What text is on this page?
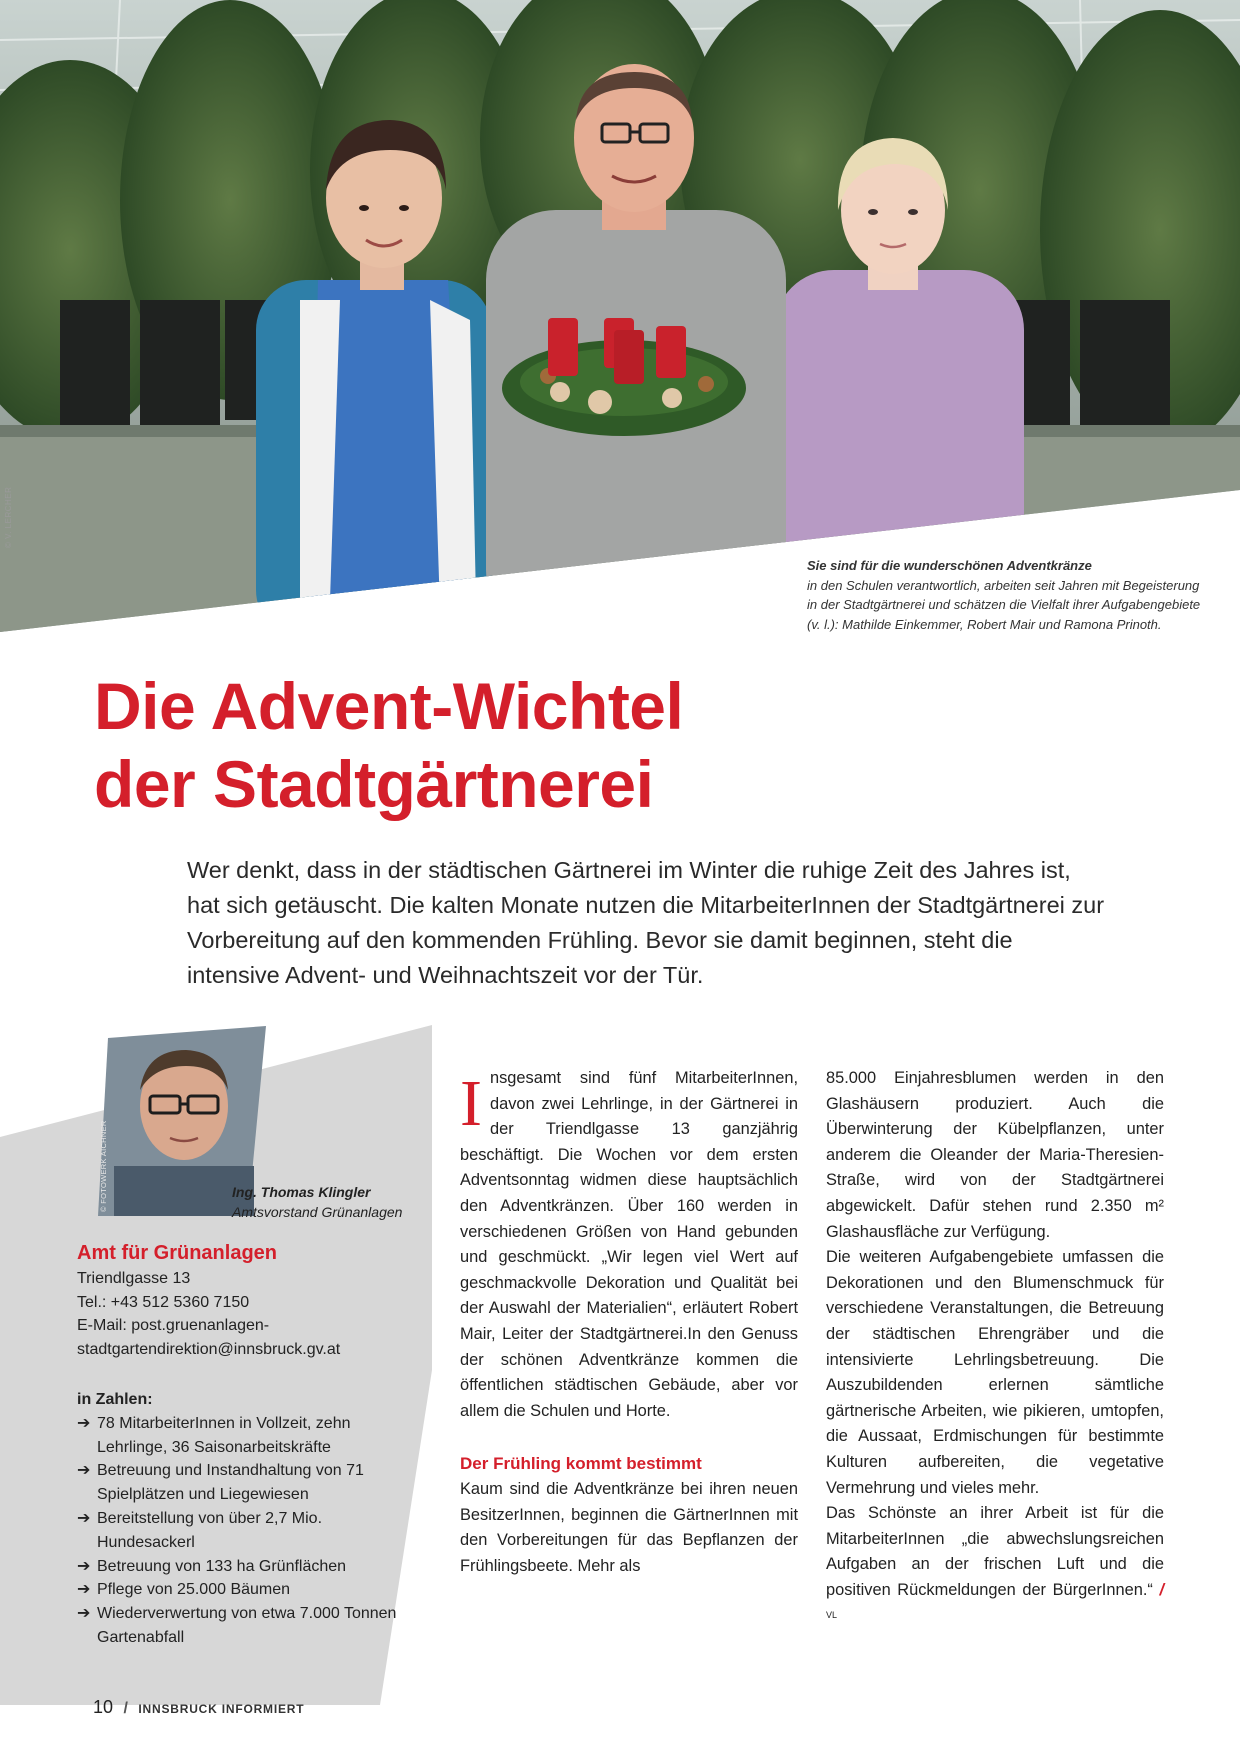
© V. LERCHER
Sie sind für die wunderschönen Adventkränze
in den Schulen verantwortlich, arbeiten seit Jahren mit Begeisterung in der Stadtgärtnerei und schätzen die Vielfalt ihrer Aufgabengebiete (v. l.): Mathilde Einkemmer, Robert Mair und Ramona Prinoth.
Die Advent-Wichtel
der Stadtgärtnerei

Wer denkt, dass in der städtischen Gärtnerei im Winter die ruhige Zeit des Jahres ist, hat sich getäuscht. Die kalten Monate nutzen die MitarbeiterInnen der Stadtgärtnerei zur Vorbereitung auf den kommenden Frühling. Bevor sie damit beginnen, steht die intensive Advent- und Weihnachtszeit vor der Tür.

© FOTOWERK AICHNER	Ing. Thomas Klingler
Amtsvorstand Grünanlagen
Amt für Grünanlagen
Triendlgasse 13
Tel.: +43 512 5360 7150
E-Mail: post.gruenanlagen-
stadtgartendirektion@innsbruck.gv.at
in Zahlen:
➔ 78 MitarbeiterInnen in Vollzeit, zehn Lehrlinge, 36 Saisonarbeitskräfte
➔ Betreuung und Instandhaltung von 71 Spielplätzen und Liegewiesen
➔ Bereitstellung von über 2,7 Mio. Hundesackerl
➔ Betreuung von 133 ha Grünflächen
➔ Pflege von 25.000 Bäumen
➔ Wiederverwertung von etwa 7.000 Tonnen Gartenabfall

Insgesamt sind fünf MitarbeiterInnen, davon zwei Lehrlinge, in der Gärtnerei in der Triendlgasse 13 ganzjährig beschäftigt. Die Wochen vor dem ersten Adventsonntag widmen diese hauptsächlich den Adventkränzen. Über 160 werden in verschiedenen Größen von Hand gebunden und geschmückt. „Wir legen viel Wert auf geschmackvolle Dekoration und Qualität bei der Auswahl der Materialien“, erläutert Robert Mair, Leiter der Stadtgärtnerei.In den Genuss der schönen Adventkränze kommen die öffentlichen städtischen Gebäude, aber vor allem die Schulen und Horte.

Der Frühling kommt bestimmt

Kaum sind die Adventkränze bei ihren neuen BesitzerInnen, beginnen die GärtnerInnen mit den Vorbereitungen für das Bepflanzen der Frühlingsbeete. Mehr als

85.000 Einjahresblumen werden in den Glashäusern produziert. Auch die Überwinterung der Kübelpflanzen, unter anderem die Oleander der Maria-Theresien-Straße, wird von der Stadtgärtnerei abgewickelt. Dafür stehen rund 2.350 m² Glashausfläche zur Verfügung.

Die weiteren Aufgabengebiete umfassen die Dekorationen und den Blumenschmuck für verschiedene Veranstaltungen, die Betreuung der städtischen Ehrengräber und die intensivierte Lehrlingsbetreuung. Die Auszubildenden erlernen sämtliche gärtnerische Arbeiten, wie pikieren, umtopfen, die Aussaat, Erdmischungen für bestimmte Kulturen aufbereiten, die vegetative Vermehrung und vieles mehr.

Das Schönste an ihrer Arbeit ist für die MitarbeiterInnen „die abwechslungsreichen Aufgaben an der frischen Luft und die positiven Rückmeldungen der BürgerInnen.“ / $^{VL}$

10 / INNSBRUCK INFORMIERT
